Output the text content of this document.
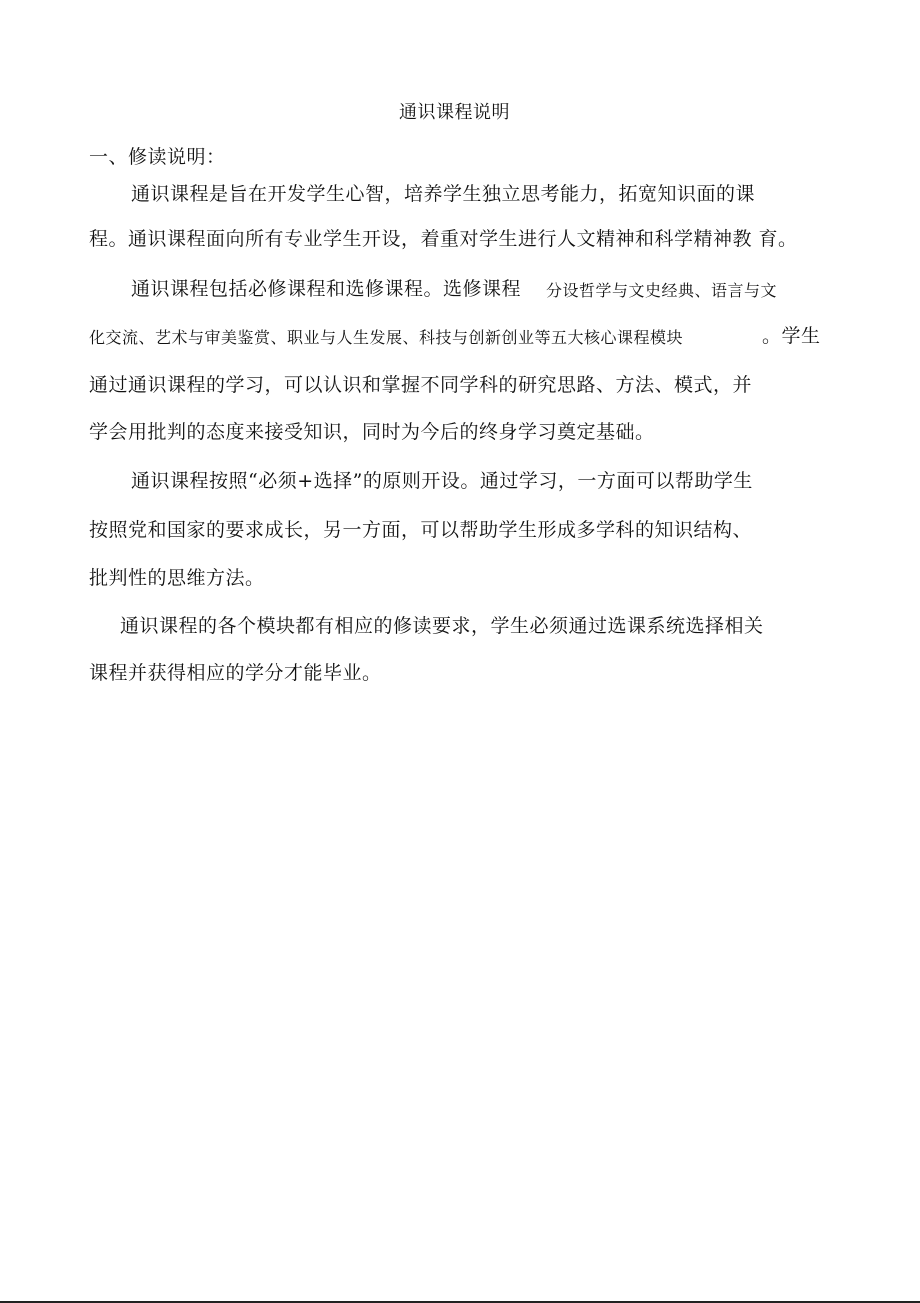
通识课程说明
一、修读说明：
通识课程是旨在开发学生心智，培养学生独立思考能力，拓宽知识面的课
程。通识课程面向所有专业学生开设，着重对学生进行人文精神和科学精神教 育。
通识课程包括必修课程和选修课程。选修课程 分设哲学与文史经典、语言与文
化交流、艺术与审美鉴赏、职业与人生发展、科技与创新创业等五大核心课程模块	。学生
通过通识课程的学习，可以认识和掌握不同学科的研究思路、方法、模式，并
学会用批判的态度来接受知识，同时为今后的终身学习奠定基础。
通识课程按照“必须+选择”的原则开设。通过学习，一方面可以帮助学生
按照党和国家的要求成长，另一方面，可以帮助学生形成多学科的知识结构、
批判性的思维方法。
通识课程的各个模块都有相应的修读要求，学生必须通过选课系统选择相关
课程并获得相应的学分才能毕业。
